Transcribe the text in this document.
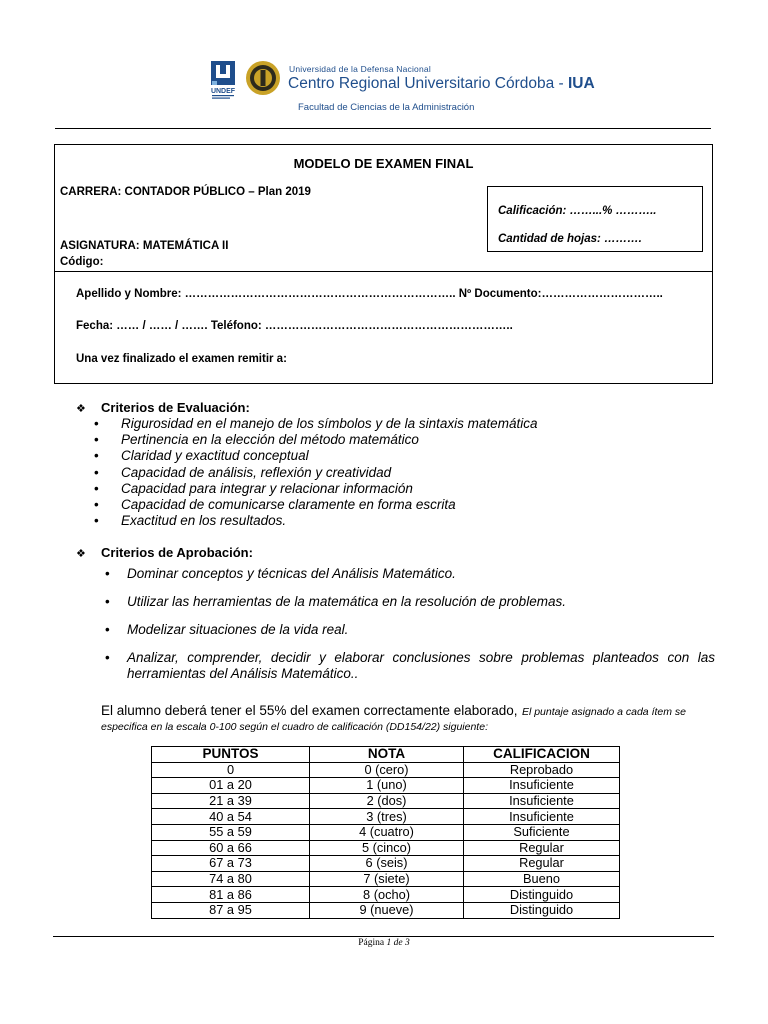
UNDEF
Universidad de la Defensa Nacional
Centro Regional Universitario Córdoba - IUA
Facultad de Ciencias de la Administración
MODELO DE EXAMEN FINAL
CARRERA: CONTADOR PÚBLICO – Plan 2019
ASIGNATURA: MATEMÁTICA II
Código:
Calificación: ……...% ………..
Cantidad de hojas: ……….
Apellido y Nombre: …………………………………………………………….. Nº Documento:…………………………..
Fecha: …… / …… / ……. Teléfono: ………………………………………………………..
Una vez finalizado el examen remitir a:
❖ Criterios de Evaluación:
• Rigurosidad en el manejo de los símbolos y de la sintaxis matemática
• Pertinencia en la elección del método matemático
• Claridad y exactitud conceptual
• Capacidad de análisis, reflexión y creatividad
• Capacidad para integrar y relacionar información
• Capacidad de comunicarse claramente en forma escrita
• Exactitud en los resultados.
❖ Criterios de Aprobación:
• Dominar conceptos y técnicas del Análisis Matemático.
• Utilizar las herramientas de la matemática en la resolución de problemas.
• Modelizar situaciones de la vida real.
• Analizar, comprender, decidir y elaborar conclusiones sobre problemas planteados con las herramientas del Análisis Matemático..
El alumno deberá tener el 55% del examen correctamente elaborado, El puntaje asignado a cada ítem se especifica en la escala 0-100 según el cuadro de calificación (DD154/22) siguiente:
PUNTOS	NOTA	CALIFICACION
0	0 (cero)	Reprobado
01 a 20	1 (uno)	Insuficiente
21 a 39	2 (dos)	Insuficiente
40 a 54	3 (tres)	Insuficiente
55 a 59	4 (cuatro)	Suficiente
60 a 66	5 (cinco)	Regular
67 a 73	6 (seis)	Regular
74 a 80	7 (siete)	Bueno
81 a 86	8 (ocho)	Distinguido
87 a 95	9 (nueve)	Distinguido
Página 1 de 3
